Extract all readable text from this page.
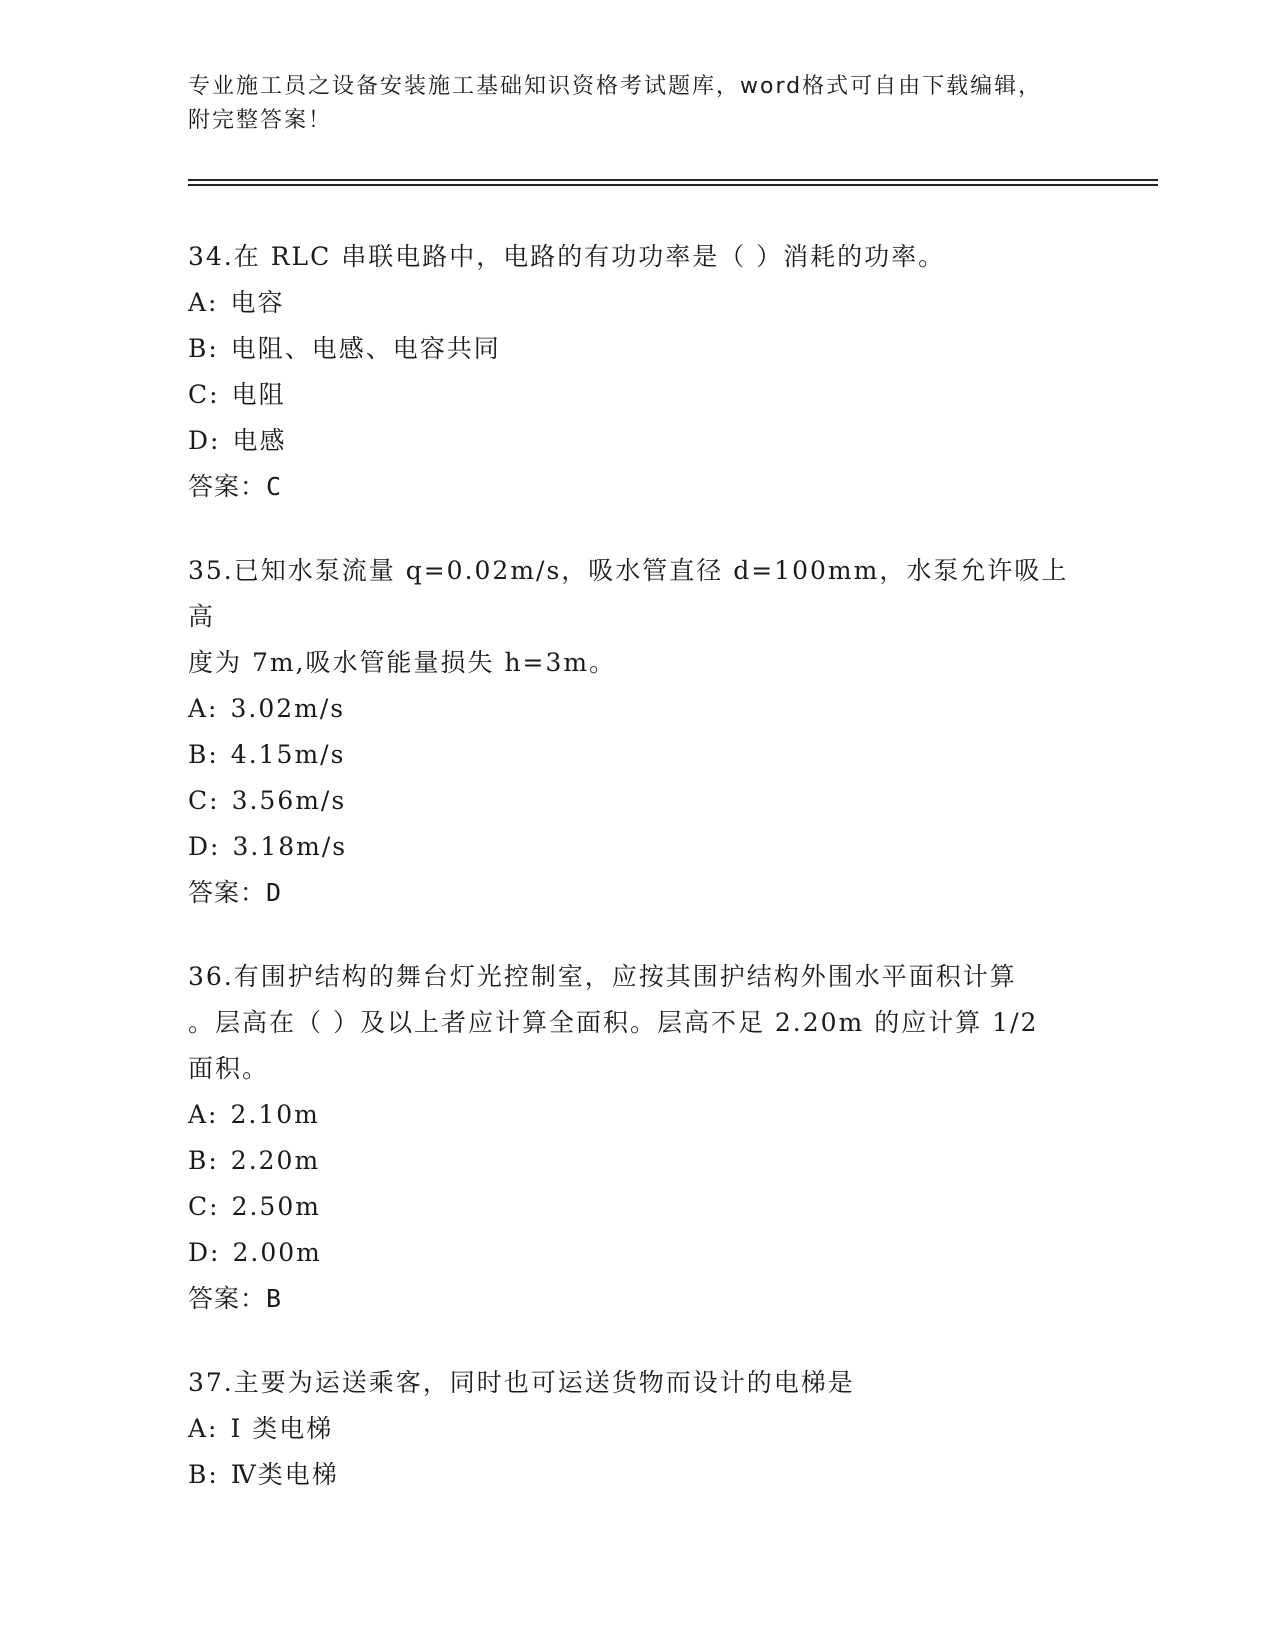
专业施工员之设备安装施工基础知识资格考试题库，word格式可自由下载编辑，
附完整答案！

34.在 RLC 串联电路中，电路的有功功率是（ ）消耗的功率。

A: 电容
B: 电阻、电感、电容共同
C: 电阻
D: 电感

答案：C

35.已知水泵流量 q=0.02m/s，吸水管直径 d=100mm，水泵允许吸上高

度为 7m,吸水管能量损失 h=3m。

A: 3.02m/s
B: 4.15m/s
C: 3.56m/s
D: 3.18m/s

答案：D

36.有围护结构的舞台灯光控制室，应按其围护结构外围水平面积计算

。层高在（ ）及以上者应计算全面积。层高不足 2.20m 的应计算 1/2

面积。

A: 2.10m
B: 2.20m
C: 2.50m
D: 2.00m

答案：B

37.主要为运送乘客，同时也可运送货物而设计的电梯是

A: I 类电梯
B: Ⅳ类电梯
